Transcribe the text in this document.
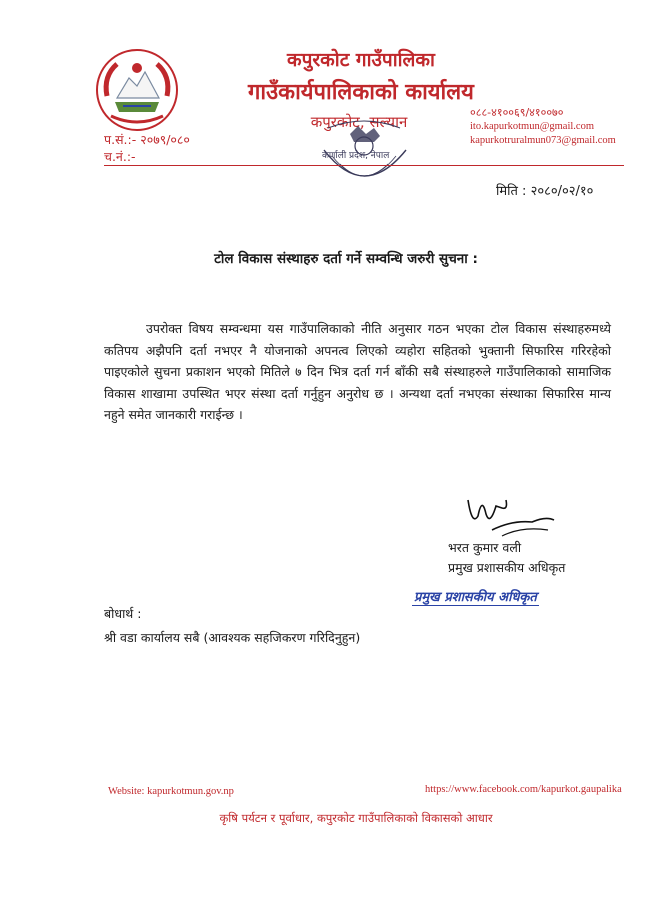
कपुरकोट गाउँपालिका
गाउँकार्यपालिकाको कार्यालय
कपुरकोट, सल्यान
०८८-४१००६९/४१००७०
ito.kapurkotmun@gmail.com
kapurkotruralmun073@gmail.com
प.सं.:- २०७९/०८०
च.नं.:-	कर्णाली प्रदेश, नेपाल
मिति : २०८०/०२/१०
टोल विकास संस्थाहरु दर्ता गर्ने सम्वन्धि जरुरी सुचना :
उपरोक्त विषय सम्वन्धमा यस गाउँपालिकाको नीति अनुसार गठन भएका टोल विकास संस्थाहरुमध्ये कतिपय अझैपनि दर्ता नभएर नै योजनाको अपनत्व लिएको व्यहोरा सहितको भुक्तानी सिफारिस गरिरहेको पाइएकोले सुचना प्रकाशन भएको मितिले ७ दिन भित्र दर्ता गर्न बाँकी सबै संस्थाहरुले गाउँपालिकाको सामाजिक विकास शाखामा उपस्थित भएर संस्था दर्ता गर्नुहुन अनुरोध छ । अन्यथा दर्ता नभएका संस्थाका सिफारिस मान्य नहुने समेत जानकारी गराईन्छ ।
भरत कुमार वली
प्रमुख प्रशासकीय अधिकृत
प्रमुख प्रशासकीय अधिकृत
बोधार्थ :
श्री वडा कार्यालय सबै (आवश्यक सहजिकरण गरिदिनुहुन)
Website: kapurkotmun.gov.np	https://www.facebook.com/kapurkot.gaupalika
कृषि पर्यटन र पूर्वाधार, कपुरकोट गाउँपालिकाको विकासको आधार
